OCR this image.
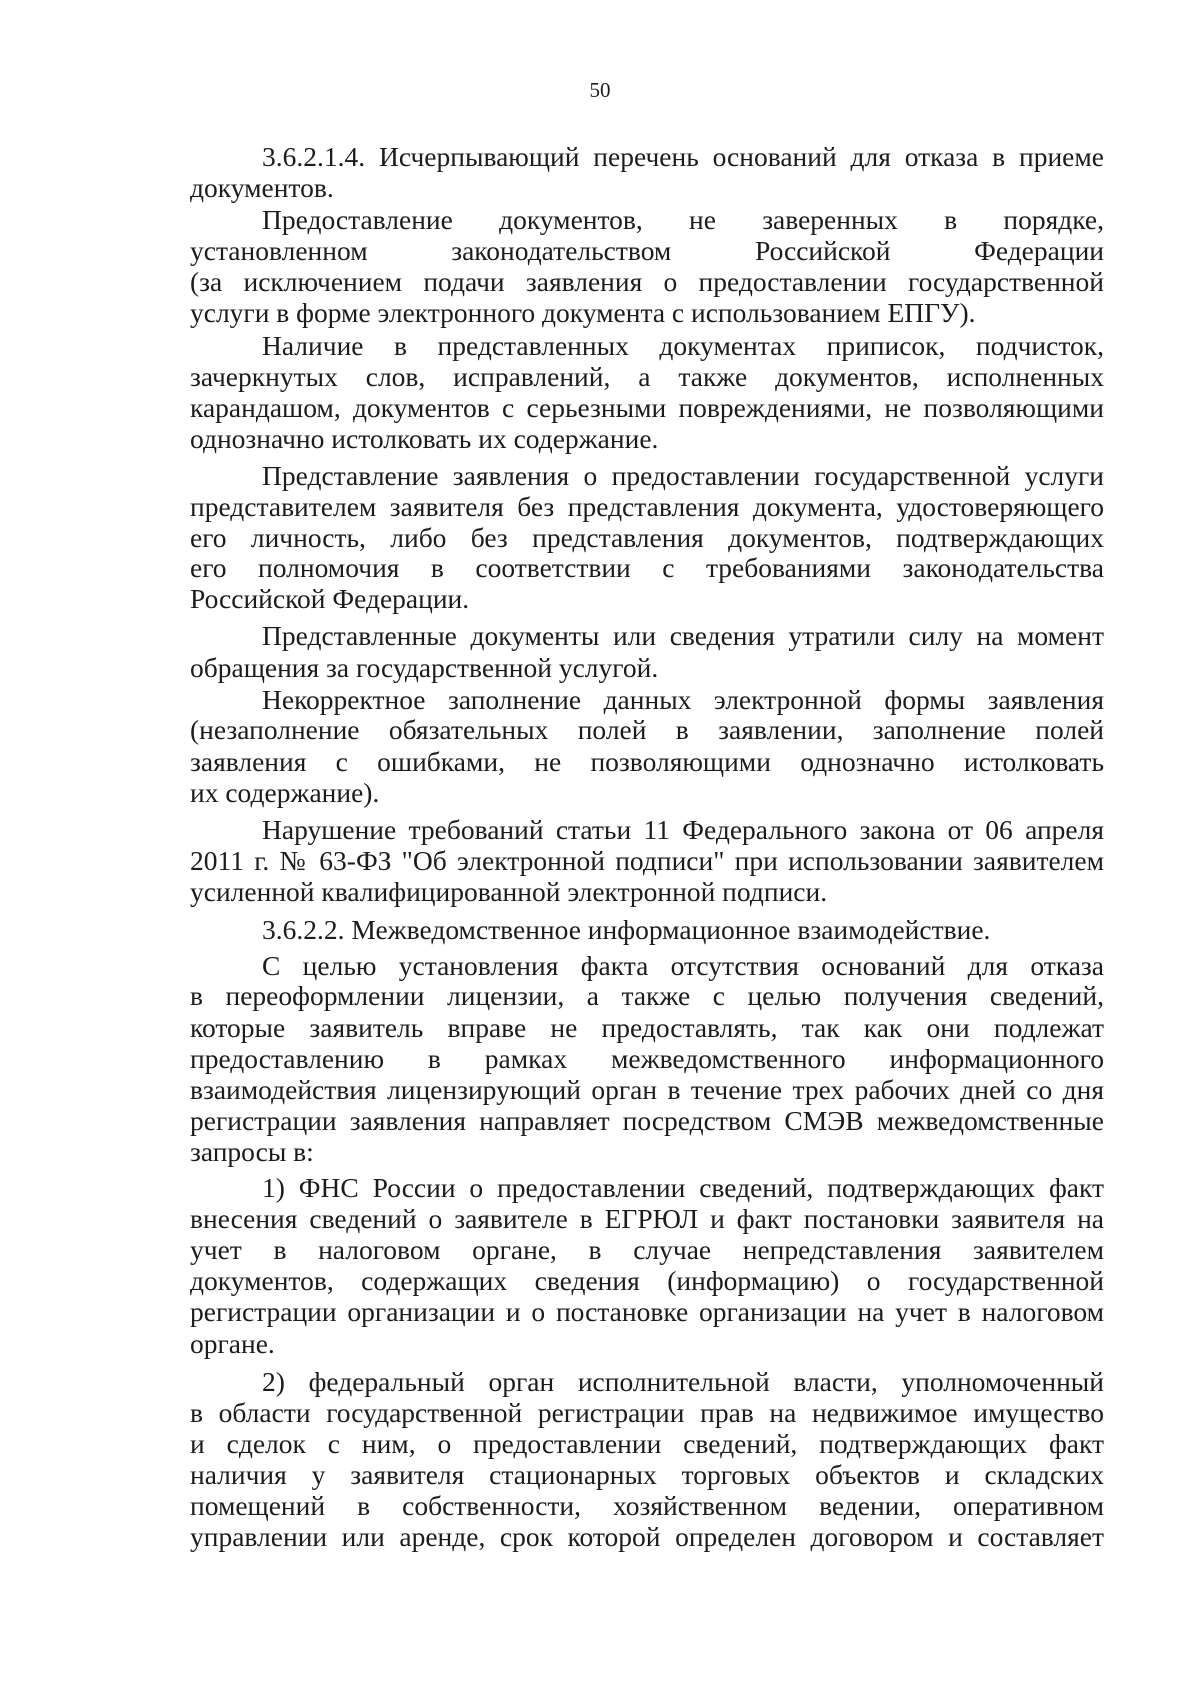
50
3.6.2.1.4. Исчерпывающий перечень оснований для отказа в приеме
документов.
Предоставление документов, не заверенных в порядке,
установленном законодательством Российской Федерации
(за исключением подачи заявления о предоставлении государственной
услуги в форме электронного документа с использованием ЕПГУ).
Наличие в представленных документах приписок, подчисток,
зачеркнутых слов, исправлений, а также документов, исполненных
карандашом, документов с серьезными повреждениями, не позволяющими
однозначно истолковать их содержание.
Представление заявления о предоставлении государственной услуги
представителем заявителя без представления документа, удостоверяющего
его личность, либо без представления документов, подтверждающих
его полномочия в соответствии с требованиями законодательства
Российской Федерации.
Представленные документы или сведения утратили силу на момент
обращения за государственной услугой.
Некорректное заполнение данных электронной формы заявления
(незаполнение обязательных полей в заявлении, заполнение полей
заявления с ошибками, не позволяющими однозначно истолковать
их содержание).
Нарушение требований статьи 11 Федерального закона от 06 апреля
2011 г. № 63-ФЗ "Об электронной подписи" при использовании заявителем
усиленной квалифицированной электронной подписи.
3.6.2.2. Межведомственное информационное взаимодействие.
С целью установления факта отсутствия оснований для отказа
в переоформлении лицензии, а также с целью получения сведений,
которые заявитель вправе не предоставлять, так как они подлежат
предоставлению в рамках межведомственного информационного
взаимодействия лицензирующий орган в течение трех рабочих дней со дня
регистрации заявления направляет посредством СМЭВ межведомственные
запросы в:
1) ФНС России о предоставлении сведений, подтверждающих факт
внесения сведений о заявителе в ЕГРЮЛ и факт постановки заявителя на
учет в налоговом органе, в случае непредставления заявителем
документов, содержащих сведения (информацию) о государственной
регистрации организации и о постановке организации на учет в налоговом
органе.
2) федеральный орган исполнительной власти, уполномоченный
в области государственной регистрации прав на недвижимое имущество
и сделок с ним, о предоставлении сведений, подтверждающих факт
наличия у заявителя стационарных торговых объектов и складских
помещений в собственности, хозяйственном ведении, оперативном
управлении или аренде, срок которой определен договором и составляет
